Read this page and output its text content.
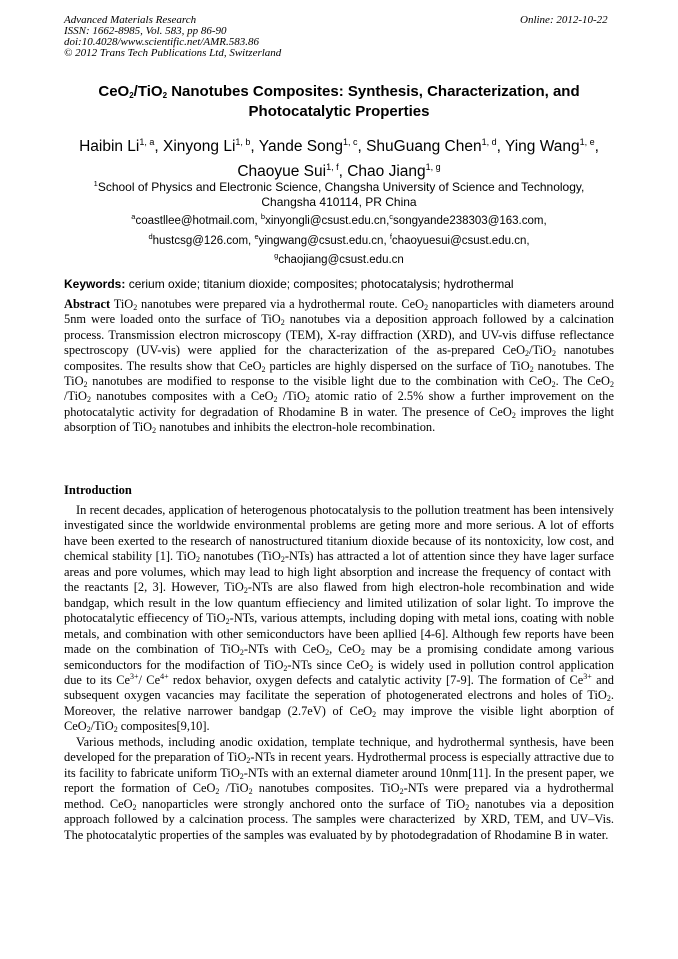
Advanced Materials Research
ISSN: 1662-8985, Vol. 583, pp 86-90
doi:10.4028/www.scientific.net/AMR.583.86
© 2012 Trans Tech Publications Ltd, Switzerland
Online: 2012-10-22
CeO$_2$/TiO$_2$ Nanotubes Composites: Synthesis, Characterization, and Photocatalytic Properties
Haibin Li$^{1, a}$, Xinyong Li$^{1, b}$, Yande Song$^{1, c}$, ShuGuang Chen$^{1, d}$, Ying Wang$^{1, e}$,
Chaoyue Sui$^{1, f}$, Chao Jiang$^{1, g}$
$^1$School of Physics and Electronic Science, Changsha University of Science and Technology,
Changsha 410114, PR China
$^a$coastllee@hotmail.com, $^b$xinyongli@csust.edu.cn,$^c$songyande238303@163.com,
$^d$hustcsg@126.com, $^e$yingwang@csust.edu.cn, $^f$chaoyuesui@csust.edu.cn,
$^g$chaojiang@csust.edu.cn
Keywords: cerium oxide; titanium dioxide; composites; photocatalysis; hydrothermal
Abstract TiO$_2$ nanotubes were prepared via a hydrothermal route. CeO$_2$ nanoparticles with diameters around 5nm were loaded onto the surface of TiO$_2$ nanotubes via a deposition approach followed by a calcination process. Transmission electron microscopy (TEM), X-ray diffraction (XRD), and UV-vis diffuse reflectance spectroscopy (UV-vis) were applied for the characterization of the as-prepared CeO$_2$/TiO$_2$ nanotubes composites. The results show that CeO$_2$ particles are highly dispersed on the surface of TiO$_2$ nanotubes. The TiO$_2$ nanotubes are modified to response to the visible light due to the combination with CeO$_2$. The CeO$_2$ /TiO$_2$ nanotubes composites with a CeO$_2$ /TiO$_2$ atomic ratio of 2.5% show a further improvement on the photocatalytic activity for degradation of Rhodamine B in water. The presence of CeO$_2$ improves the light absorption of TiO$_2$ nanotubes and inhibits the electron-hole recombination.
Introduction

In recent decades, application of heterogenous photocatalysis to the pollution treatment has been intensively investigated since the worldwide environmental problems are geting more and more serious. A lot of efforts have been exerted to the research of nanostructured titanium dioxide because of its nontoxicity, low cost, and chemical stability [1]. TiO$_2$ nanotubes (TiO$_2$-NTs) has attracted a lot of attention since they have lager surface areas and pore volumes, which may lead to high light absorption and increase the frequency of contact with  the reactants [2, 3]. However, TiO$_2$-NTs are also flawed from high electron-hole recombination and wide bandgap, which result in the low quantum effieciency and limited utilization of solar light. To improve the photocatalytic effiecency of TiO$_2$-NTs, various attempts, including doping with metal ions, coating with noble metals, and combination with other semiconductors have been apllied [4-6]. Although few reports have been made on the combination of TiO$_2$-NTs with CeO$_2$, CeO$_2$ may be a promising condidate among various semiconductors for the modifaction of TiO$_2$-NTs since CeO$_2$ is widely used in pollution control application due to its $Ce^{3+}/$ $Ce^{4+}$ redox behavior, oxygen defects and catalytic activity [7-9]. The formation of $Ce^{3+}$ and subsequent oxygen vacancies may facilitate the seperation of photogenerated electrons and holes of TiO$_2$. Moreover, the relative narrower bandgap (2.7eV) of CeO$_2$ may improve the visible light aborption of CeO$_2$/TiO$_2$ composites[9,10].

Various methods, including anodic oxidation, template technique, and hydrothermal synthesis, have been developed for the preparation of TiO$_2$-NTs in recent years. Hydrothermal process is especially attractive due to its facility to fabricate uniform TiO$_2$-NTs with an external diameter around 10nm[11]. In the present paper, we report the formation of CeO$_2$ /TiO$_2$ nanotubes composites. TiO$_2$-NTs were prepared via a hydrothermal method. CeO$_2$ nanoparticles were strongly anchored onto the surface of TiO$_2$ nanotubes via a deposition approach followed by a calcination process. The samples were characterized  by XRD, TEM, and UV–Vis. The photocatalytic properties of the samples was evaluated by by photodegradation of Rhodamine B in water.
